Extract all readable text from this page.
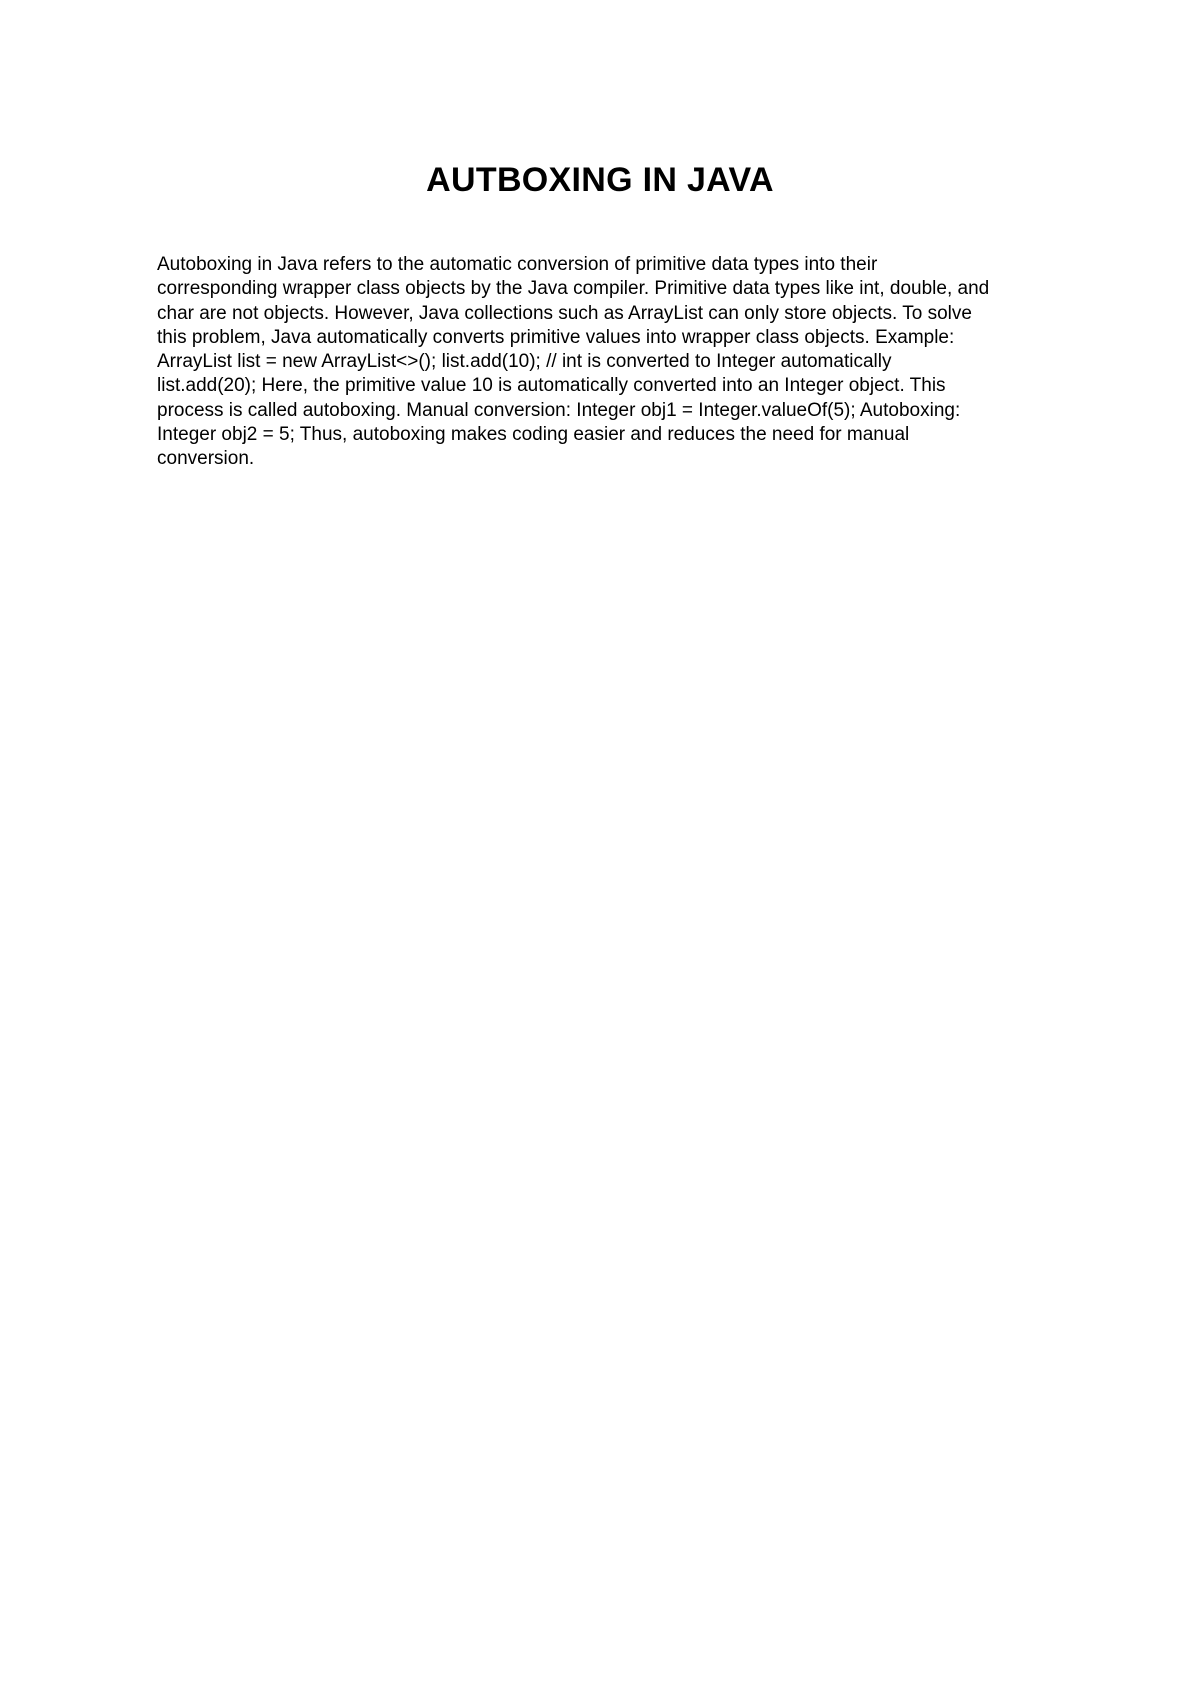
AUTBOXING IN JAVA
Autoboxing in Java refers to the automatic conversion of primitive data types into their
corresponding wrapper class objects by the Java compiler. Primitive data types like int, double, and
char are not objects. However, Java collections such as ArrayList can only store objects. To solve
this problem, Java automatically converts primitive values into wrapper class objects. Example:
ArrayList list = new ArrayList<>(); list.add(10); // int is converted to Integer automatically
list.add(20); Here, the primitive value 10 is automatically converted into an Integer object. This
process is called autoboxing. Manual conversion: Integer obj1 = Integer.valueOf(5); Autoboxing:
Integer obj2 = 5; Thus, autoboxing makes coding easier and reduces the need for manual
conversion.
